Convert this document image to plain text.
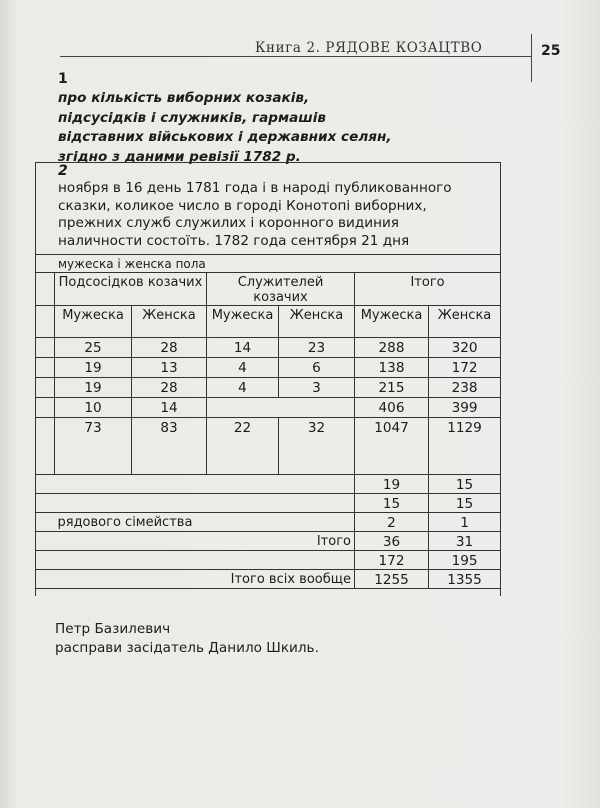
Книга 2. РЯДОВЕ КОЗАЦТВО	25
1
про кількість виборних козаків,
підсусідків і служників, гармашів
відставних військових і державних селян,
згідно з даними ревізії 1782 р.
2
ноября в 16 день 1781 года і в народі публикованного
сказки, коликое число в городі Конотопі виборних,
прежних служб служилих і коронного видиния
наличности состоїть. 1782 года сентября 21 дня
мужеска і женска пола						
	Подсосідков козачих		Служителей козачих		Ітого	
	Мужеска	Женска	Мужеска	Женска	Мужеска	Женска
	25	28	14	23	288	320
	19	13	4	6	138	172
	19	28	4	3	215	238
	10	14			406	399
	73	83	22	32	1047	1129
					19	15
					15	15
рядового сімейства					2	1
Ітого					36	31
					172	195
Ітого всіх вообще					1255	1355
Петр Базилевич
расправи засідатель Данило Шкиль.
